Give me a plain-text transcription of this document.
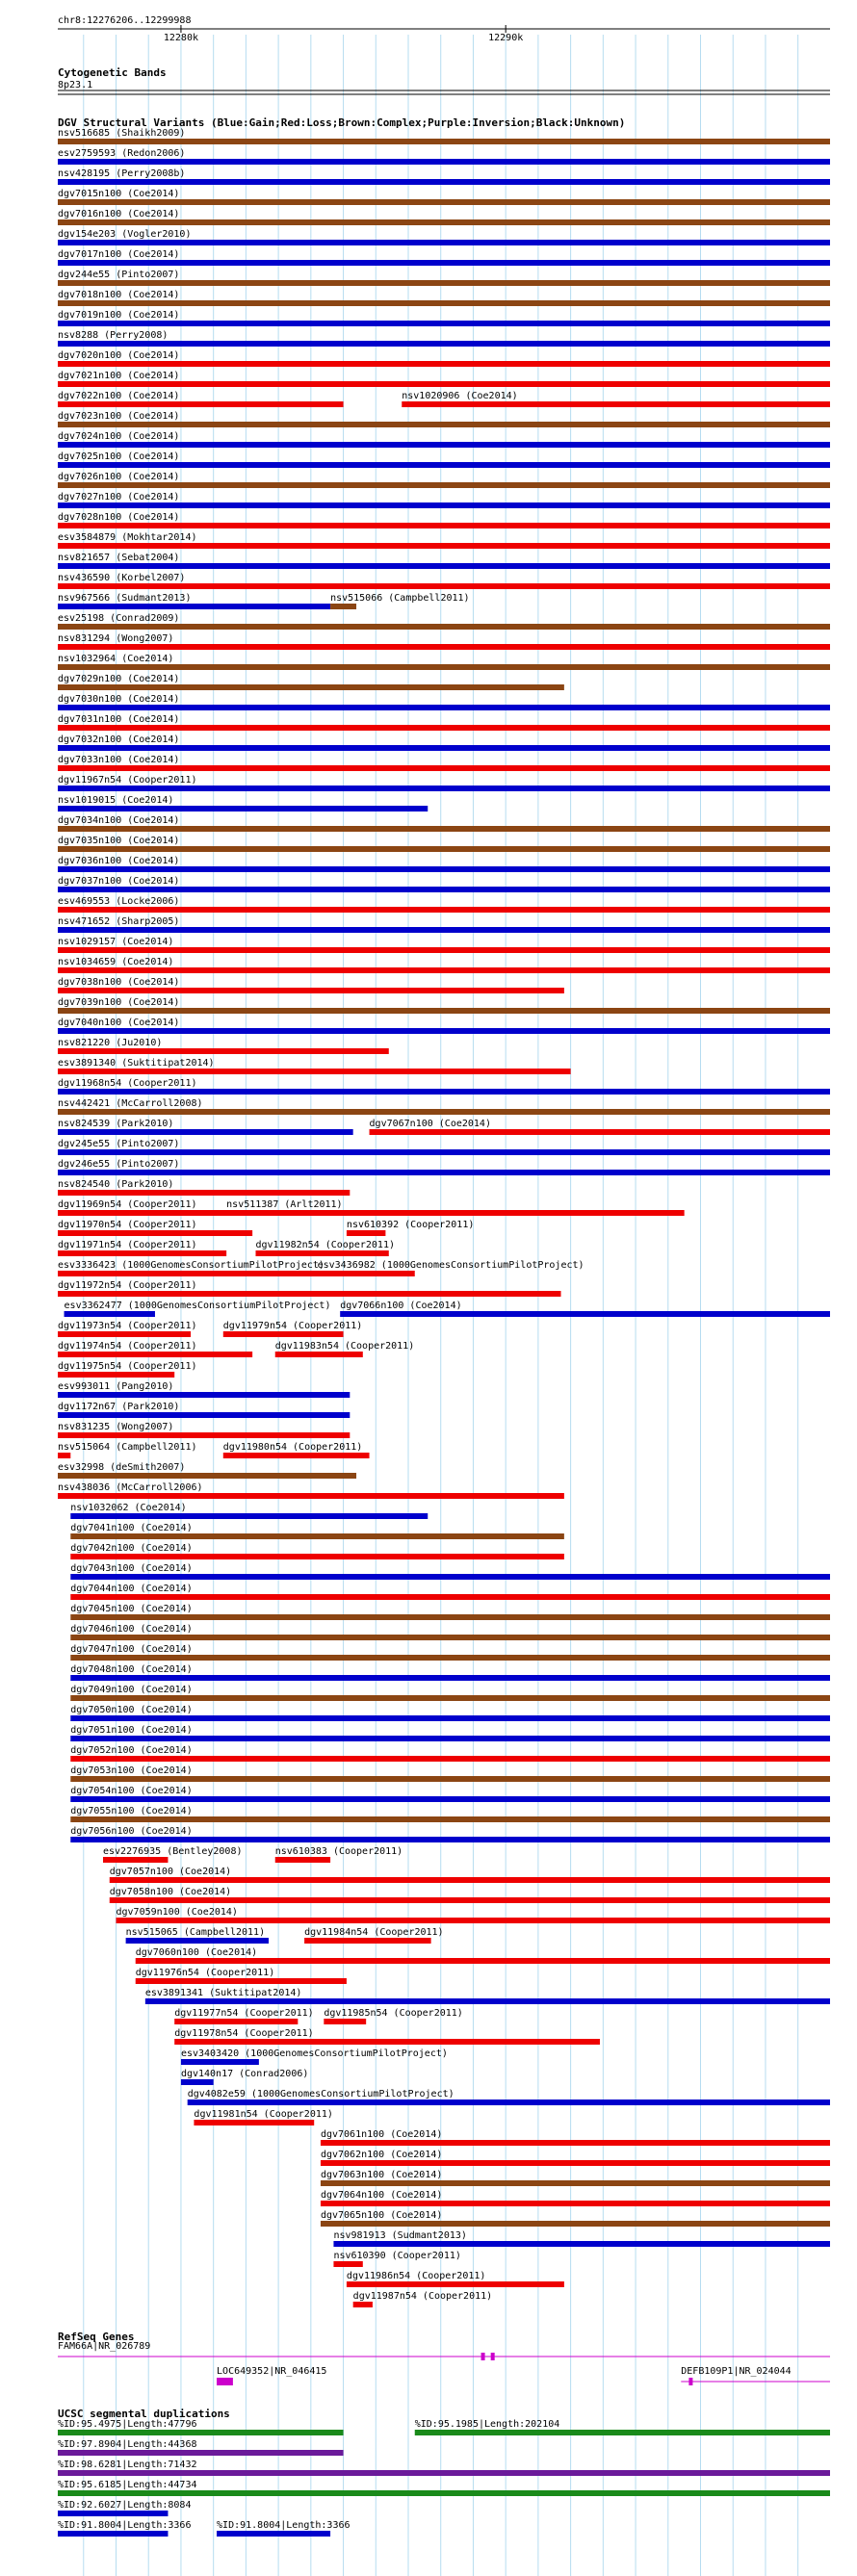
chr8:12276206..12299988
12280k	12290k
Cytogenetic Bands
8p23.1
DGV Structural Variants (Blue:Gain;Red:Loss;Brown:Complex;Purple:Inversion;Black:Unknown)
nsv516685 (Shaikh2009)
esv2759593 (Redon2006)
nsv428195 (Perry2008b)
dgv7015n100 (Coe2014)
dgv7016n100 (Coe2014)
dgv154e203 (Vogler2010)
dgv7017n100 (Coe2014)
dgv244e55 (Pinto2007)
dgv7018n100 (Coe2014)
dgv7019n100 (Coe2014)
nsv8288 (Perry2008)
dgv7020n100 (Coe2014)
dgv7021n100 (Coe2014)
dgv7022n100 (Coe2014)	nsv1020906 (Coe2014)
dgv7023n100 (Coe2014)
dgv7024n100 (Coe2014)
dgv7025n100 (Coe2014)
dgv7026n100 (Coe2014)
dgv7027n100 (Coe2014)
dgv7028n100 (Coe2014)
esv3584879 (Mokhtar2014)
nsv821657 (Sebat2004)
nsv436590 (Korbel2007)
nsv967566 (Sudmant2013)	nsv515066 (Campbell2011)
esv25198 (Conrad2009)
nsv831294 (Wong2007)
nsv1032964 (Coe2014)
dgv7029n100 (Coe2014)
dgv7030n100 (Coe2014)
dgv7031n100 (Coe2014)
dgv7032n100 (Coe2014)
dgv7033n100 (Coe2014)
dgv11967n54 (Cooper2011)
nsv1019015 (Coe2014)
dgv7034n100 (Coe2014)
dgv7035n100 (Coe2014)
dgv7036n100 (Coe2014)
dgv7037n100 (Coe2014)
esv469553 (Locke2006)
nsv471652 (Sharp2005)
nsv1029157 (Coe2014)
nsv1034659 (Coe2014)
dgv7038n100 (Coe2014)
dgv7039n100 (Coe2014)
dgv7040n100 (Coe2014)
nsv821220 (Ju2010)
esv3891340 (Suktitipat2014)
dgv11968n54 (Cooper2011)
nsv442421 (McCarroll2008)
nsv824539 (Park2010)	dgv7067n100 (Coe2014)
dgv245e55 (Pinto2007)
dgv246e55 (Pinto2007)
nsv824540 (Park2010)
dgv11969n54 (Cooper2011)	nsv511387 (Arlt2011)
dgv11970n54 (Cooper2011)	nsv610392 (Cooper2011)
dgv11971n54 (Cooper2011)	dgv11982n54 (Cooper2011)
esv3336423 (1000GenomesConsortiumPilotProject)
esv3436982 (1000GenomesConsortiumPilotProject)
dgv11972n54 (Cooper2011)
esv3362477 (1000GenomesConsortiumPilotProject) dgv7066n100 (Coe2014)
dgv11973n54 (Cooper2011)	dgv11979n54 (Cooper2011)
dgv11974n54 (Cooper2011)	dgv11983n54 (Cooper2011)
dgv11975n54 (Cooper2011)
esv993011 (Pang2010)
dgv1172n67 (Park2010)
nsv831235 (Wong2007)
nsv515064 (Campbell2011)	dgv11980n54 (Cooper2011)
esv32998 (deSmith2007)
nsv438036 (McCarroll2006)
nsv1032062 (Coe2014)
dgv7041n100 (Coe2014)
dgv7042n100 (Coe2014)
dgv7043n100 (Coe2014)
dgv7044n100 (Coe2014)
dgv7045n100 (Coe2014)
dgv7046n100 (Coe2014)
dgv7047n100 (Coe2014)
dgv7048n100 (Coe2014)
dgv7049n100 (Coe2014)
dgv7050n100 (Coe2014)
dgv7051n100 (Coe2014)
dgv7052n100 (Coe2014)
dgv7053n100 (Coe2014)
dgv7054n100 (Coe2014)
dgv7055n100 (Coe2014)
dgv7056n100 (Coe2014)
esv2276935 (Bentley2008)	nsv610383 (Cooper2011)
dgv7057n100 (Coe2014)
dgv7058n100 (Coe2014)
dgv7059n100 (Coe2014)
nsv515065 (Campbell2011)	dgv11984n54 (Cooper2011)
dgv7060n100 (Coe2014)
dgv11976n54 (Cooper2011)
esv3891341 (Suktitipat2014)
dgv11977n54 (Cooper2011) dgv11985n54 (Cooper2011)
dgv11978n54 (Cooper2011)
esv3403420 (1000GenomesConsortiumPilotProject)
dgv140n17 (Conrad2006)
dgv4082e59 (1000GenomesConsortiumPilotProject)
dgv11981n54 (Cooper2011)
dgv7061n100 (Coe2014)
dgv7062n100 (Coe2014)
dgv7063n100 (Coe2014)
dgv7064n100 (Coe2014)
dgv7065n100 (Coe2014)
nsv981913 (Sudmant2013)
nsv610390 (Cooper2011)
dgv11986n54 (Cooper2011)
dgv11987n54 (Cooper2011)
RefSeq Genes
FAM66A|NR_026789
LOC649352|NR_046415	DEFB109P1|NR_024044
UCSC segmental duplications
%ID:95.4975|Length:47796	%ID:95.1985|Length:202104
%ID:97.8904|Length:44368
%ID:98.6281|Length:71432
%ID:95.6185|Length:44734
%ID:92.6027|Length:8084
%ID:91.8004|Length:3366	%ID:91.8004|Length:3366
